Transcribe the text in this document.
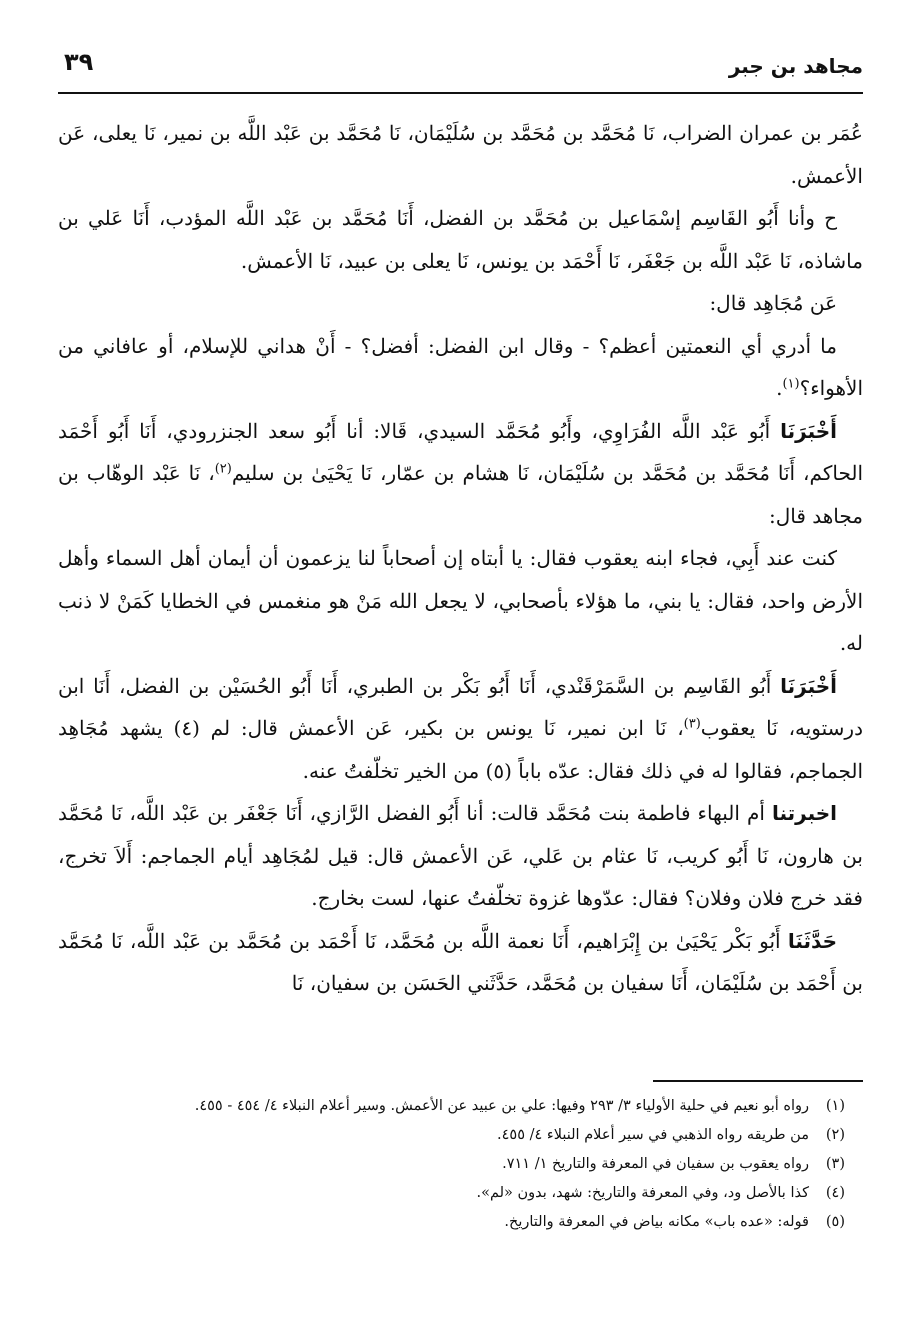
مجاهد بن جبر
٣٩

عُمَر بن عمران الضراب، نَا مُحَمَّد بن مُحَمَّد بن سُلَيْمَان، نَا مُحَمَّد بن عَبْد اللَّه بن نمير، نَا يعلى، عَن الأعمش.

ح وأنا أَبُو القَاسِم إسْمَاعيل بن مُحَمَّد بن الفضل، أَنَا مُحَمَّد بن عَبْد اللَّه المؤدب، أَنَا عَلي بن ماشاذه، نَا عَبْد اللَّه بن جَعْفَر، نَا أَحْمَد بن يونس، نَا يعلى بن عبيد، نَا الأعمش.

عَن مُجَاهِد قال:

ما أدري أي النعمتين أعظم؟ - وقال ابن الفضل: أفضل؟ - أَنْ هداني للإسلام، أو عافاني من الأهواء؟$^{(١)}$.

أَخْبَرَنَا أَبُو عَبْد اللَّه الفُرَاوِي، وأَبُو مُحَمَّد السيدي، قَالا: أنا أَبُو سعد الجنزرودي، أَنَا أَبُو أَحْمَد الحاكم، أَنَا مُحَمَّد بن مُحَمَّد بن سُلَيْمَان، نَا هشام بن عمّار، نَا يَحْيَىٰ بن سليم$^{(٢)}$، نَا عَبْد الوهّاب بن مجاهد قال:

كنت عند أَبِي، فجاء ابنه يعقوب فقال: يا أبتاه إن أصحاباً لنا يزعمون أن أيمان أهل السماء وأهل الأرض واحد، فقال: يا بني، ما هؤلاء بأصحابي، لا يجعل الله مَنْ هو منغمس في الخطايا كَمَنْ لا ذنب له.

أَخْبَرَنَا أَبُو القَاسِم بن السَّمَرْقَنْدي، أَنَا أَبُو بَكْر بن الطبري، أَنَا أَبُو الحُسَيْن بن الفضل، أَنَا ابن درستويه، نَا يعقوب$^{(٣)}$، نَا ابن نمير، نَا يونس بن بكير، عَن الأعمش قال: لم (٤) يشهد مُجَاهِد الجماجم، فقالوا له في ذلك فقال: عدّه باباً (٥) من الخير تخلّفتُ عنه.

اخبرتنا أم البهاء فاطمة بنت مُحَمَّد قالت: أنا أَبُو الفضل الرَّازي، أَنَا جَعْفَر بن عَبْد اللَّه، نَا مُحَمَّد بن هارون، نَا أَبُو كريب، نَا عثام بن عَلي، عَن الأعمش قال: قيل لمُجَاهِد أيام الجماجم: أَلاَ تخرج، فقد خرج فلان وفلان؟ فقال: عدّوها غزوة تخلّفتُ عنها، لست بخارج.

حَدَّثَنَا أَبُو بَكْر يَحْيَىٰ بن إِبْرَاهيم، أَنَا نعمة اللَّه بن مُحَمَّد، نَا أَحْمَد بن مُحَمَّد بن عَبْد اللَّه، نَا مُحَمَّد بن أَحْمَد بن سُلَيْمَان، أَنَا سفيان بن مُحَمَّد، حَدَّثَني الحَسَن بن سفيان، نَا

(١)
رواه أبو نعيم في حلية الأولياء ٣/ ٢٩٣ وفيها: علي بن عبيد عن الأعمش. وسير أعلام النبلاء ٤/ ٤٥٤ - ٤٥٥.
(٢)
من طريقه رواه الذهبي في سير أعلام النبلاء ٤/ ٤٥٥.
(٣)
رواه يعقوب بن سفيان في المعرفة والتاريخ ١/ ٧١١.
(٤)
كذا بالأصل ود، وفي المعرفة والتاريخ: شهد، بدون «لم».
(٥)
قوله: «عده باب» مكانه بياض في المعرفة والتاريخ.
